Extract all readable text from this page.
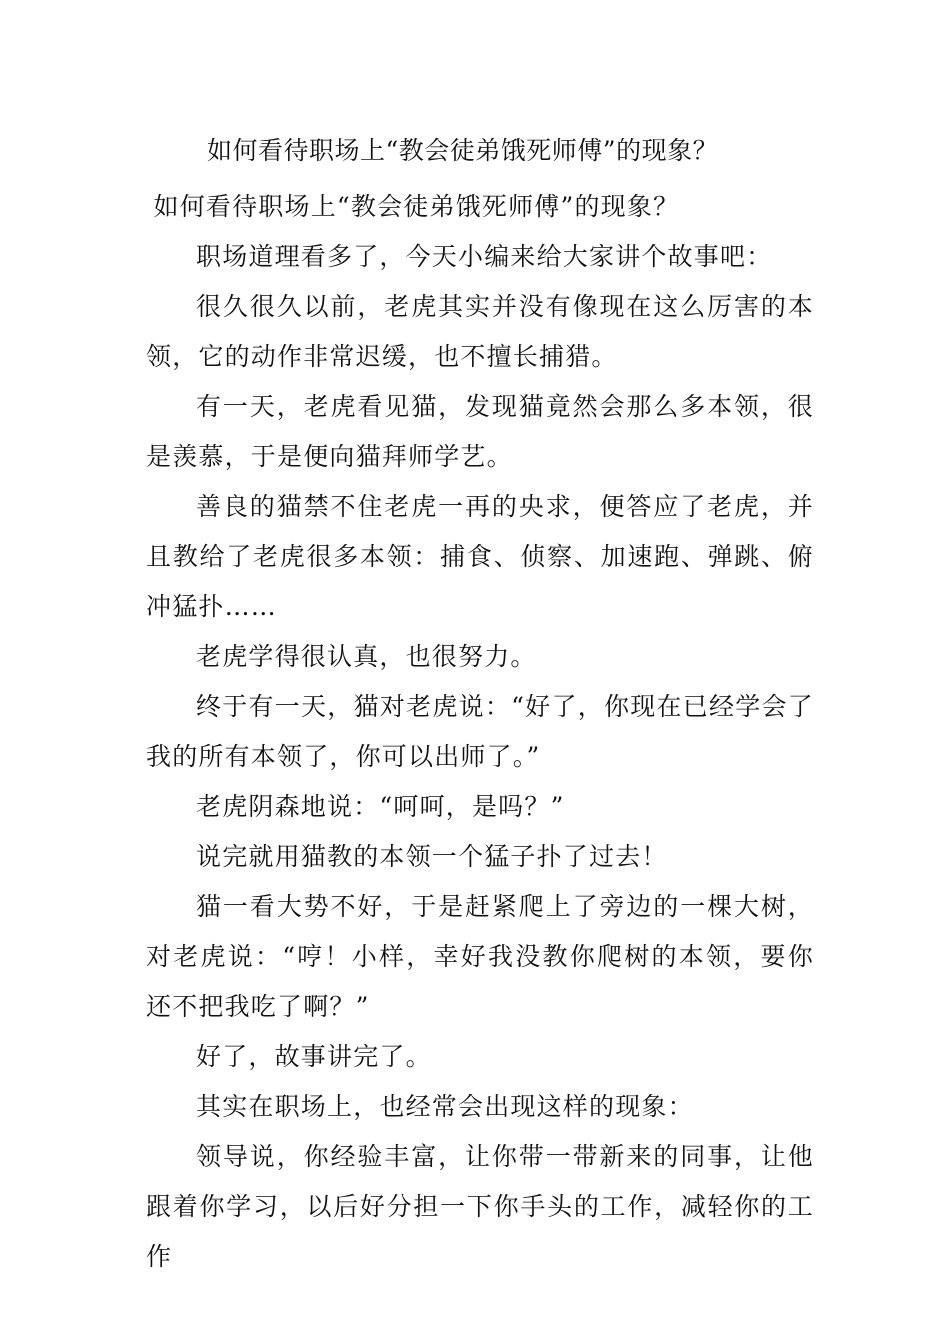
如何看待职场上“教会徒弟饿死师傅”的现象？

如何看待职场上“教会徒弟饿死师傅”的现象？

职场道理看多了，今天小编来给大家讲个故事吧：

很久很久以前，老虎其实并没有像现在这么厉害的本领，它的动作非常迟缓，也不擅长捕猎。

有一天，老虎看见猫，发现猫竟然会那么多本领，很是羡慕，于是便向猫拜师学艺。

善良的猫禁不住老虎一再的央求，便答应了老虎，并且教给了老虎很多本领：捕食、侦察、加速跑、弹跳、俯冲猛扑……

老虎学得很认真，也很努力。

终于有一天，猫对老虎说：“好了，你现在已经学会了我的所有本领了，你可以出师了。”

老虎阴森地说：“呵呵，是吗？”

说完就用猫教的本领一个猛子扑了过去！

猫一看大势不好，于是赶紧爬上了旁边的一棵大树，对老虎说：“哼！小样，幸好我没教你爬树的本领，要你还不把我吃了啊？”

好了，故事讲完了。

其实在职场上，也经常会出现这样的现象：

领导说，你经验丰富，让你带一带新来的同事，让他跟着你学习，以后好分担一下你手头的工作，减轻你的工作
